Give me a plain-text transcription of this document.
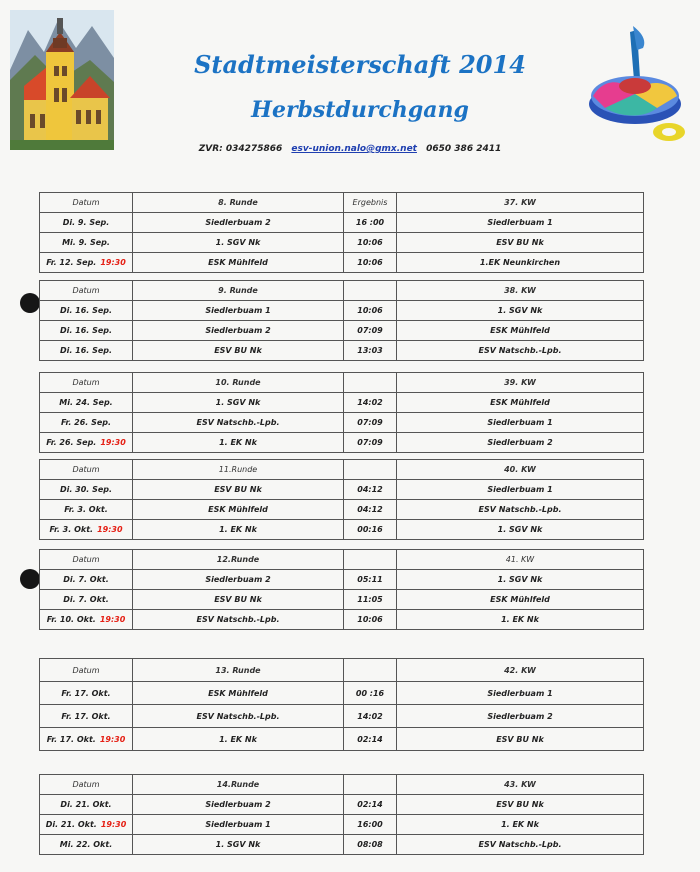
Stadtmeisterschaft 2014
Herbstdurchgang
ZVR: 034275866 esv-union.nalo@gmx.net 0650 386 2411
Datum	8. Runde	Ergebnis	37. KW
Di. 9. Sep.	Siedlerbuam 2	16 :00	Siedlerbuam 1
Mi. 9. Sep.	1. SGV Nk	10:06	ESV BU Nk
Fr. 12. Sep. 19:30	ESK Mühlfeld	10:06	1.EK Neunkirchen
Datum	9. Runde		38. KW
Di. 16. Sep.	Siedlerbuam 1	10:06	1. SGV Nk
Di. 16. Sep.	Siedlerbuam 2	07:09	ESK Mühlfeld
Di. 16. Sep.	ESV BU Nk	13:03	ESV Natschb.-Lpb.
Datum	10. Runde		39. KW
Mi. 24. Sep.	1. SGV Nk	14:02	ESK Mühlfeld
Fr. 26. Sep.	ESV Natschb.-Lpb.	07:09	Siedlerbuam 1
Fr. 26. Sep. 19:30	1. EK Nk	07:09	Siedlerbuam 2
Datum	11.Runde		40. KW
Di. 30. Sep.	ESV BU Nk	04:12	Siedlerbuam 1
Fr. 3. Okt.	ESK Mühlfeld	04:12	ESV Natschb.-Lpb.
Fr. 3. Okt. 19:30	1. EK Nk	00:16	1. SGV Nk
Datum	12.Runde		41. KW
Di. 7. Okt.	Siedlerbuam 2	05:11	1. SGV Nk
Di. 7. Okt.	ESV BU Nk	11:05	ESK Mühlfeld
Fr. 10. Okt. 19:30	ESV Natschb.-Lpb.	10:06	1. EK Nk
Datum	13. Runde		42. KW
Fr. 17. Okt.	ESK Mühlfeld	00 :16	Siedlerbuam 1
Fr. 17. Okt.	ESV Natschb.-Lpb.	14:02	Siedlerbuam 2
Fr. 17. Okt. 19:30	1. EK Nk	02:14	ESV BU Nk
Datum	14.Runde		43. KW
Di. 21. Okt.	Siedlerbuam 2	02:14	ESV BU Nk
Di. 21. Okt. 19:30	Siedlerbuam 1	16:00	1. EK Nk
Mi. 22. Okt.	1. SGV Nk	08:08	ESV Natschb.-Lpb.
